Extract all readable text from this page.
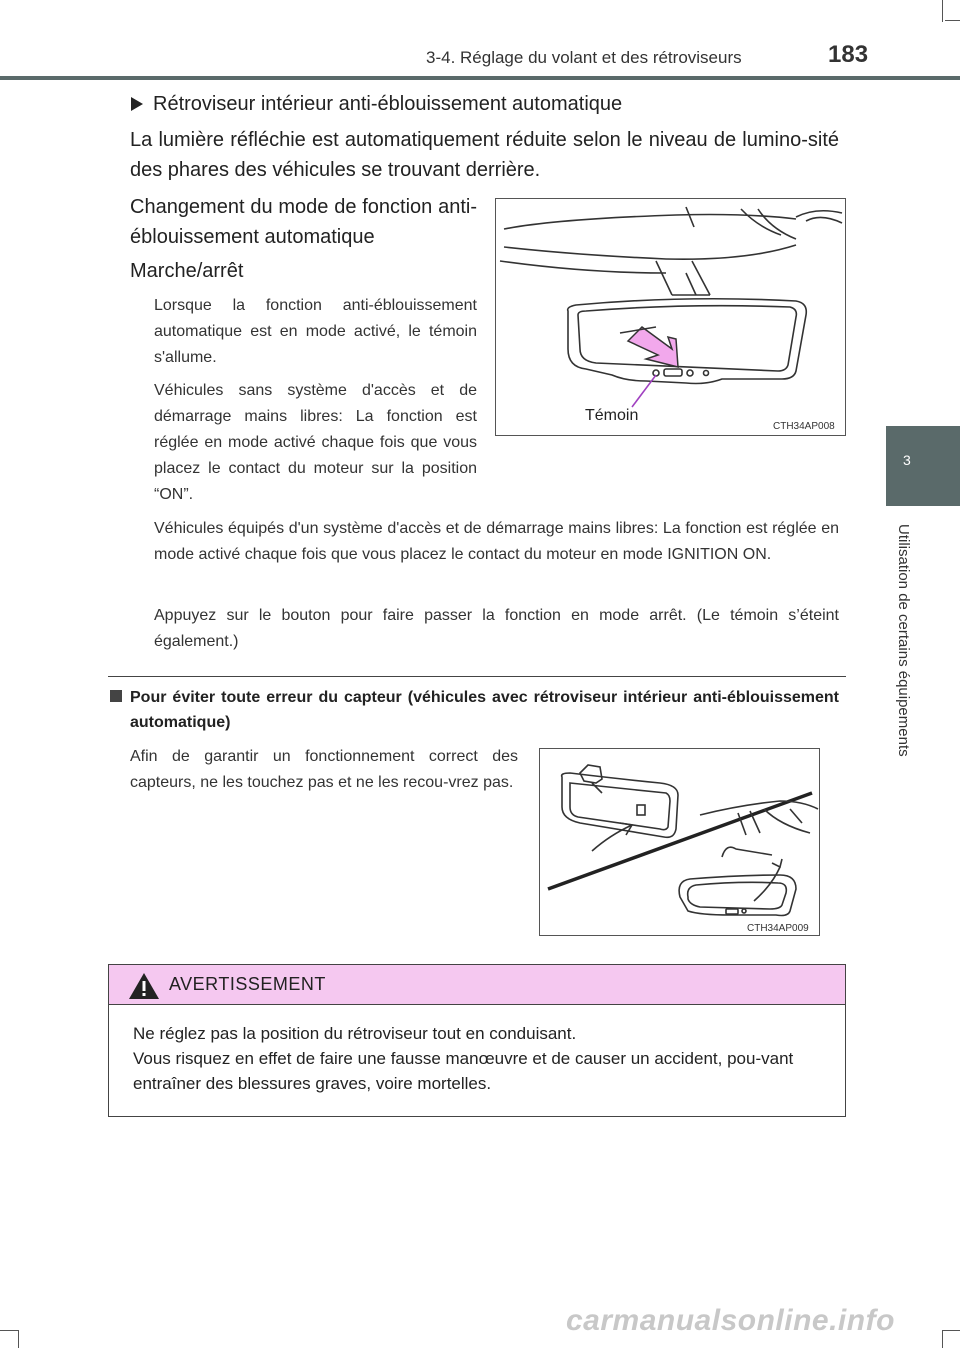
3-4. Réglage du volant et des rétroviseurs	183
3
Utilisation de certains équipements
Rétroviseur intérieur anti-éblouissement automatique
La lumière réfléchie est automatiquement réduite selon le niveau de lumino-sité des phares des véhicules se trouvant derrière.
Changement du mode de fonction anti-éblouissement automatique
Marche/arrêt
Lorsque la fonction anti-éblouissement automatique est en mode activé, le témoin s'allume.
Véhicules sans système d'accès et de démarrage mains libres: La fonction est réglée en mode activé chaque fois que vous placez le contact du moteur sur la position “ON”.
Véhicules équipés d'un système d'accès et de démarrage mains libres: La fonction est réglée en mode activé chaque fois que vous placez le contact du moteur en mode IGNITION ON.
Appuyez sur le bouton pour faire passer la fonction en mode arrêt. (Le témoin s’éteint également.)
Témoin
CTH34AP008
Pour éviter toute erreur du capteur (véhicules avec rétroviseur intérieur anti-éblouissement automatique)
Afin de garantir un fonctionnement correct des capteurs, ne les touchez pas et ne les recou-vrez pas.
CTH34AP009
AVERTISSEMENT
Ne réglez pas la position du rétroviseur tout en conduisant.
Vous risquez en effet de faire une fausse manœuvre et de causer un accident, pou-vant entraîner des blessures graves, voire mortelles.
carmanualsonline.info
